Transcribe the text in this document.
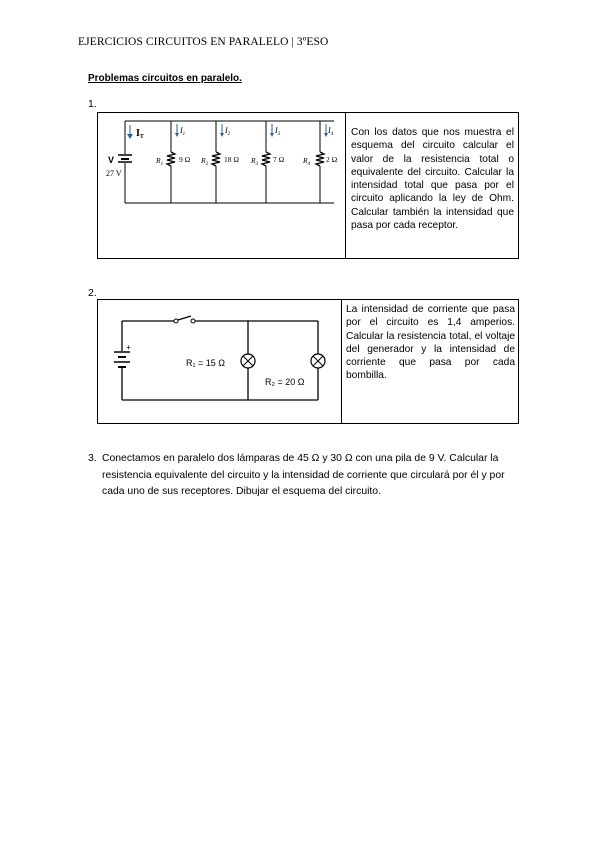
EJERCICIOS CIRCUITOS EN PARALELO | 3ºESO
Problemas circuitos en paralelo.
1.
V
27 V
$I_T$
$I_1$
$R_1$
9 Ω
$I_2$
$R_2$
18 Ω
$I_3$
$R_3$
7 Ω
$I_4$
$R_4$
2 Ω
Con los datos que nos muestra el esquema del circuito calcular el valor de la resistencia total o equivalente del circuito. Calcular la intensidad total que pasa por el circuito aplicando la ley de Ohm. Calcular también la intensidad que pasa por cada receptor.
2.
+
R₁ = 15 Ω
R₂ = 20 Ω
La intensidad de corriente que pasa por el circuito es 1,4 amperios. Calcular la resistencia total, el voltaje del generador y la intensidad de corriente que pasa por cada bombilla.
3. Conectamos en paralelo dos lámparas de 45 Ω y 30 Ω con una pila de 9 V. Calcular la resistencia equivalente del circuito y la intensidad de corriente que circulará por él y por cada uno de sus receptores. Dibujar el esquema del circuito.
